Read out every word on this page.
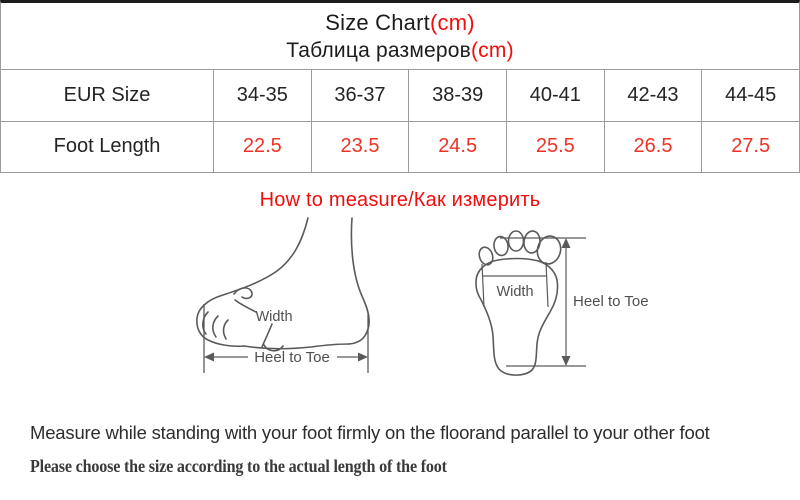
Size Chart(cm)
Таблица размеров(cm)
EUR Size	34-35	36-37	38-39	40-41	42-43	44-45
Foot Length	22.5	23.5	24.5	25.5	26.5	27.5
How to measure/Как измерить
Width
Heel to Toe
Width
Heel to Toe
Measure while standing with your foot firmly on the floorand parallel to your other foot
Please choose the size according to the actual length of the foot
